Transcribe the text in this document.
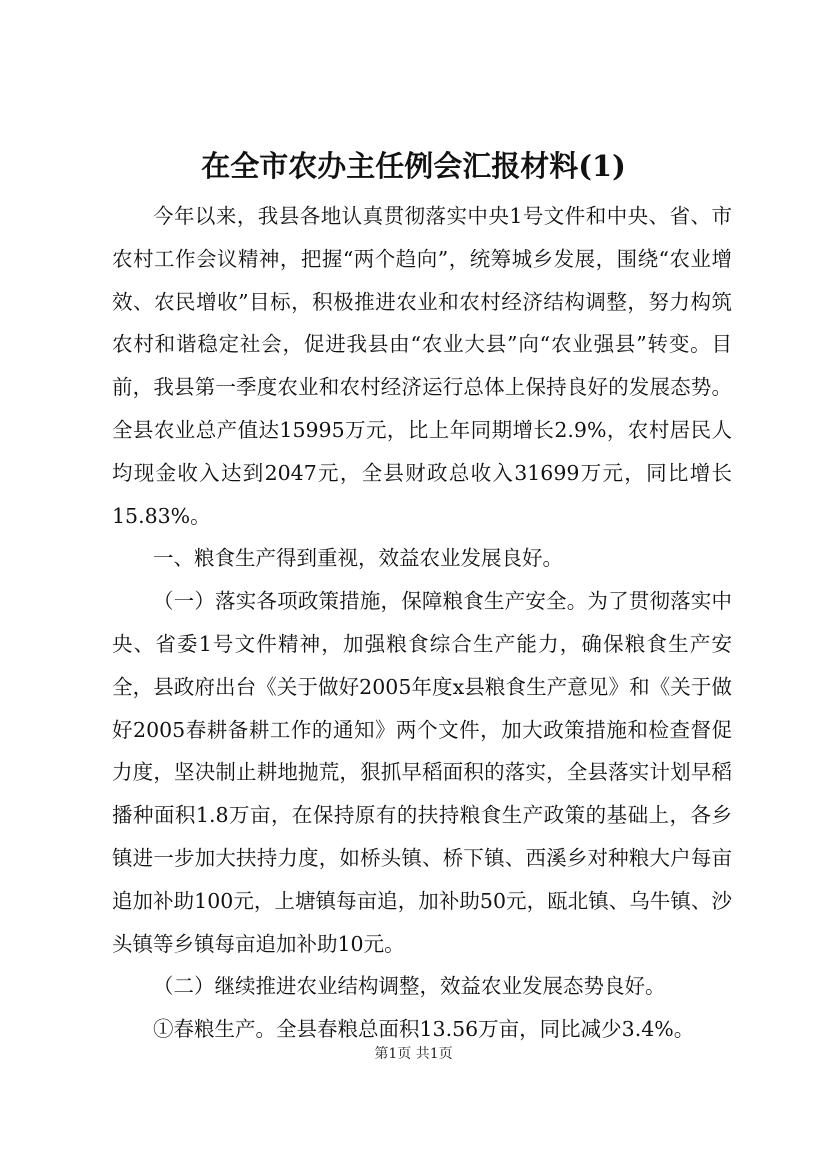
在全市农办主任例会汇报材料(1)

今年以来，我县各地认真贯彻落实中央1号文件和中央、省、市农村工作会议精神，把握“两个趋向”，统筹城乡发展，围绕“农业增效、农民增收”目标，积极推进农业和农村经济结构调整，努力构筑农村和谐稳定社会，促进我县由“农业大县”向“农业强县”转变。目前，我县第一季度农业和农村经济运行总体上保持良好的发展态势。全县农业总产值达15995万元，比上年同期增长2.9%，农村居民人均现金收入达到2047元，全县财政总收入31699万元，同比增长15.83%。

一、粮食生产得到重视，效益农业发展良好。

（一）落实各项政策措施，保障粮食生产安全。为了贯彻落实中央、省委1号文件精神，加强粮食综合生产能力，确保粮食生产安全，县政府出台《关于做好2005年度x县粮食生产意见》和《关于做好2005春耕备耕工作的通知》两个文件，加大政策措施和检查督促力度，坚决制止耕地抛荒，狠抓早稻面积的落实，全县落实计划早稻播种面积1.8万亩，在保持原有的扶持粮食生产政策的基础上，各乡镇进一步加大扶持力度，如桥头镇、桥下镇、西溪乡对种粮大户每亩追加补助100元，上塘镇每亩追，加补助50元，瓯北镇、乌牛镇、沙头镇等乡镇每亩追加补助10元。

（二）继续推进农业结构调整，效益农业发展态势良好。

①春粮生产。全县春粮总面积13.56万亩，同比减少3.4%。

第1页 共1页
